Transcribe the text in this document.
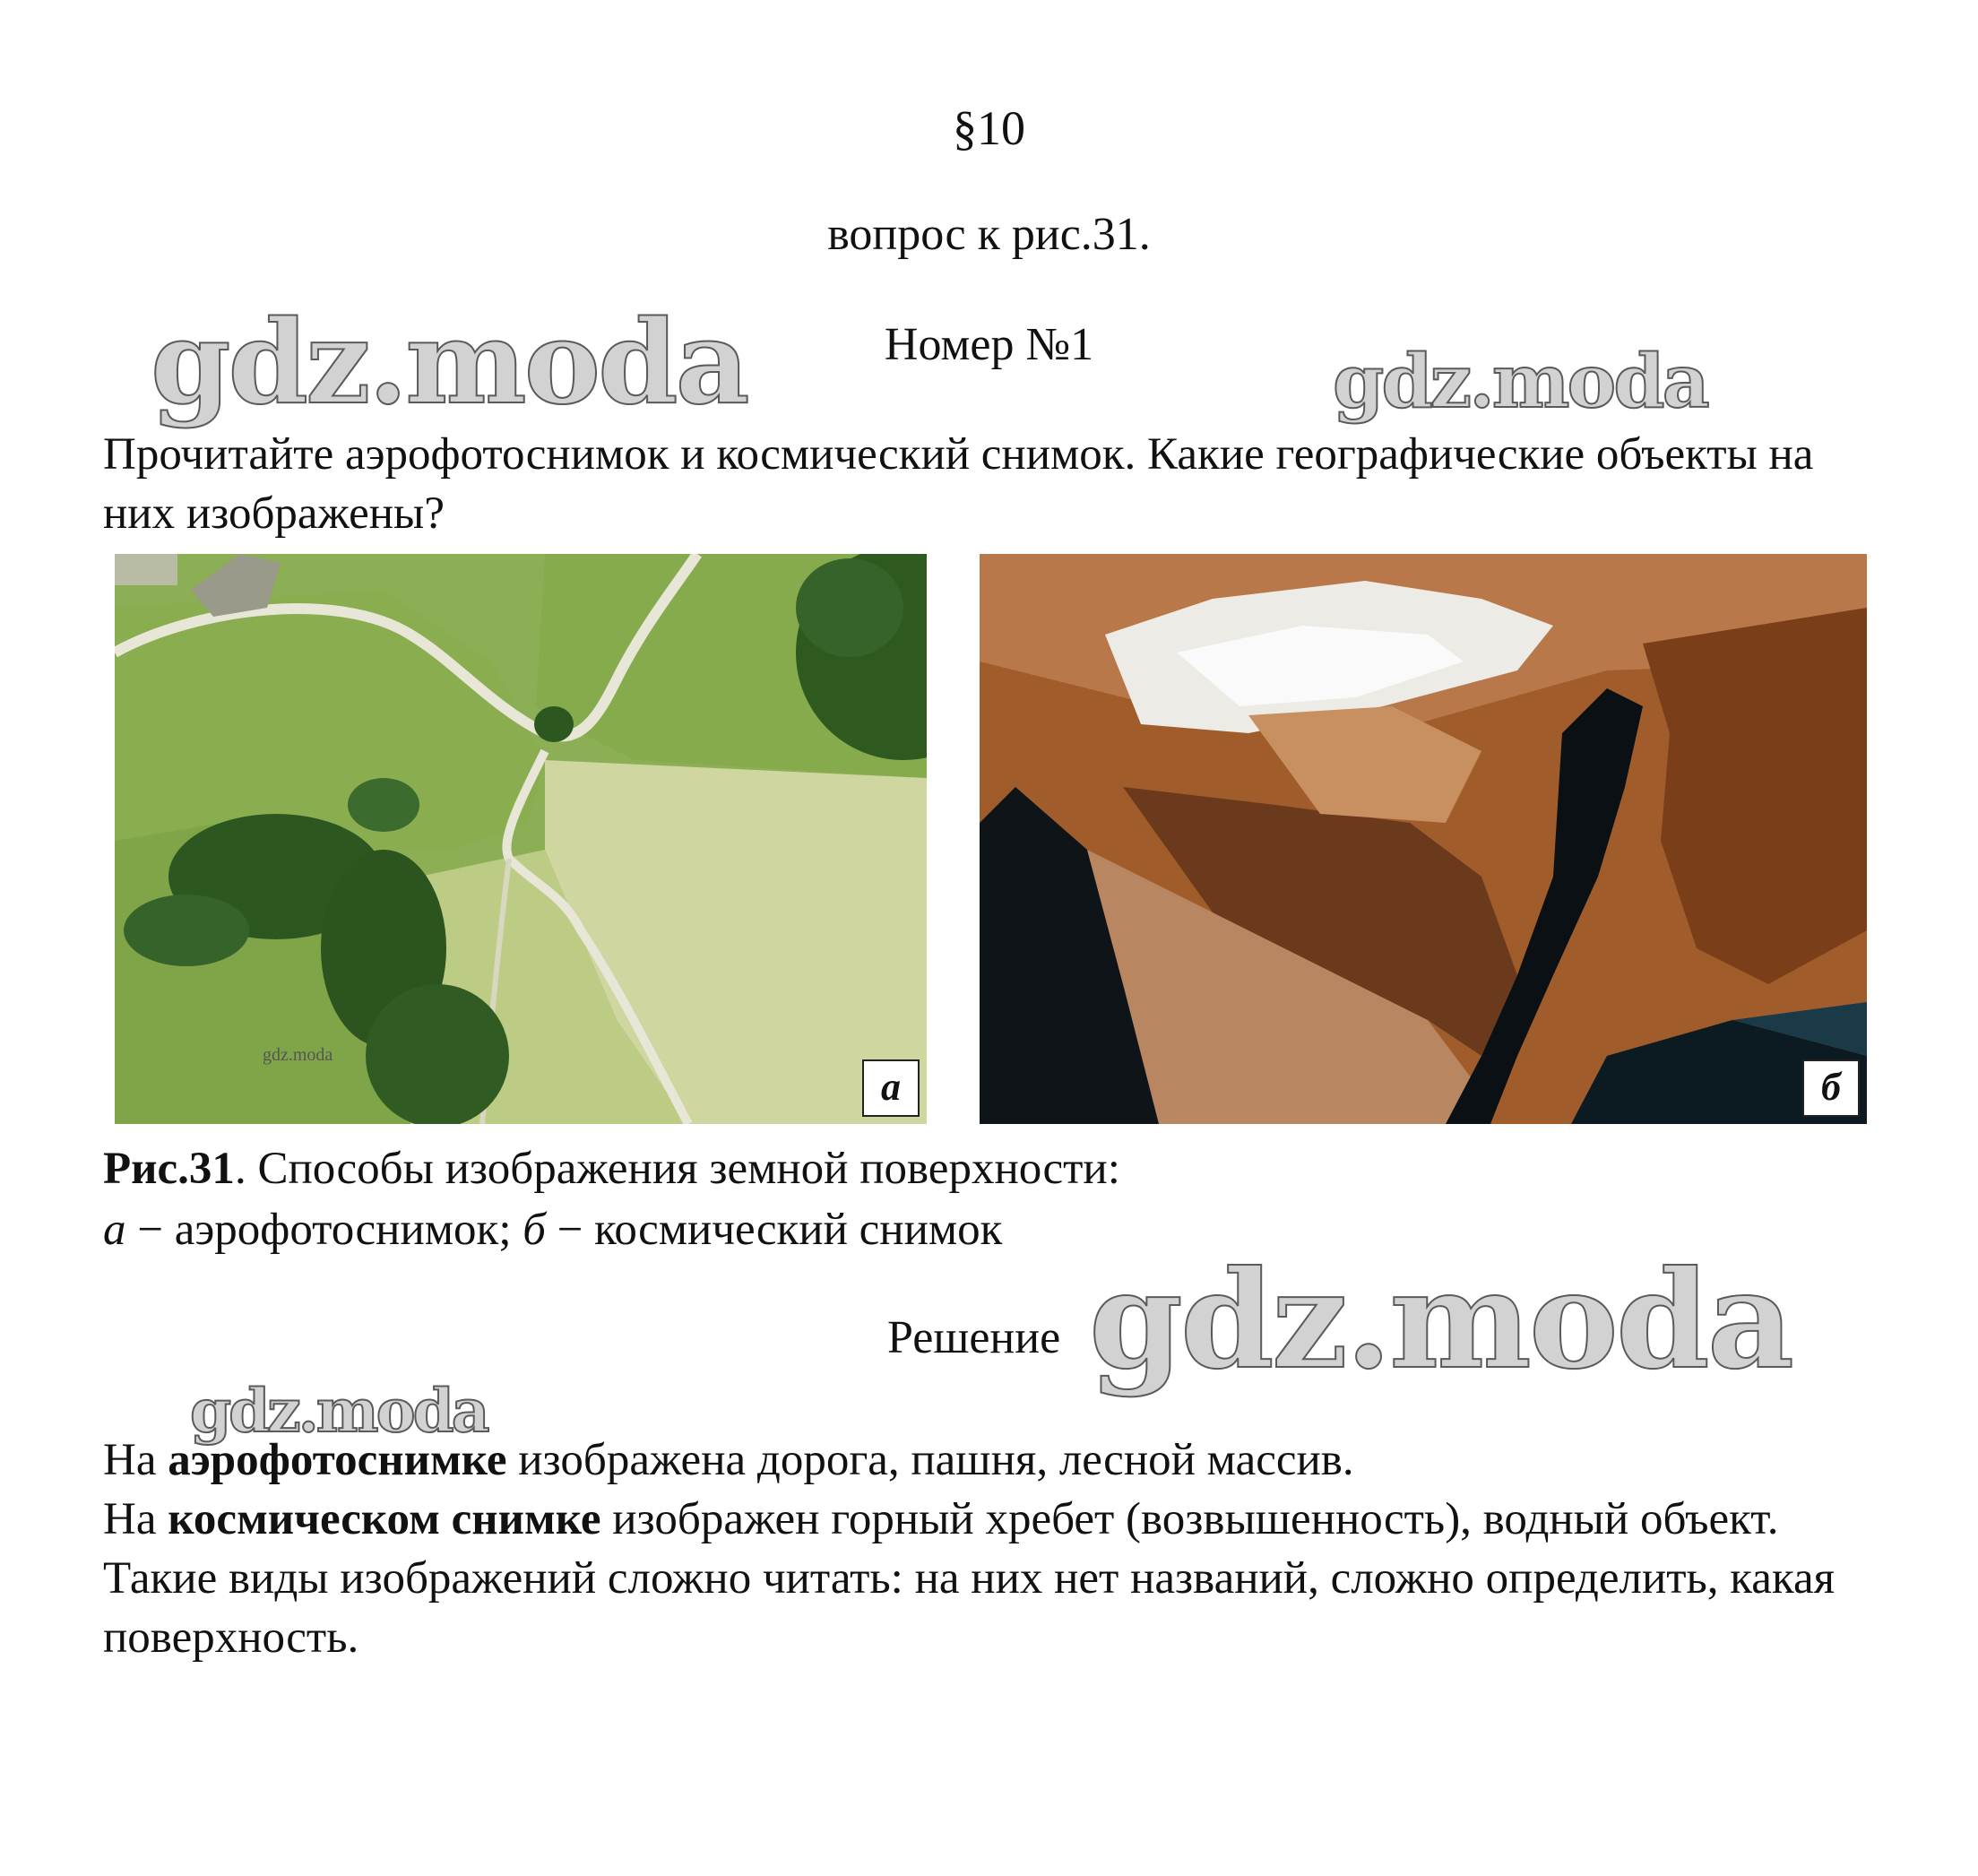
§10
вопрос к рис.31.
Номер №1
Прочитайте аэрофотоснимок и космический снимок. Какие географические объекты на них изображены?
gdz.moda
а	б
Рис.31. Способы изображения земной поверхности:
а − аэрофотоснимок; б − космический снимок
Решение

На аэрофотоснимке изображена дорога, пашня, лесной массив.

На космическом снимке изображен горный хребет (возвышенность), водный объект.

Такие виды изображений сложно читать: на них нет названий, сложно определить, какая поверхность.

gdz.moda	gdz.moda
gdz.moda
gdz.moda
